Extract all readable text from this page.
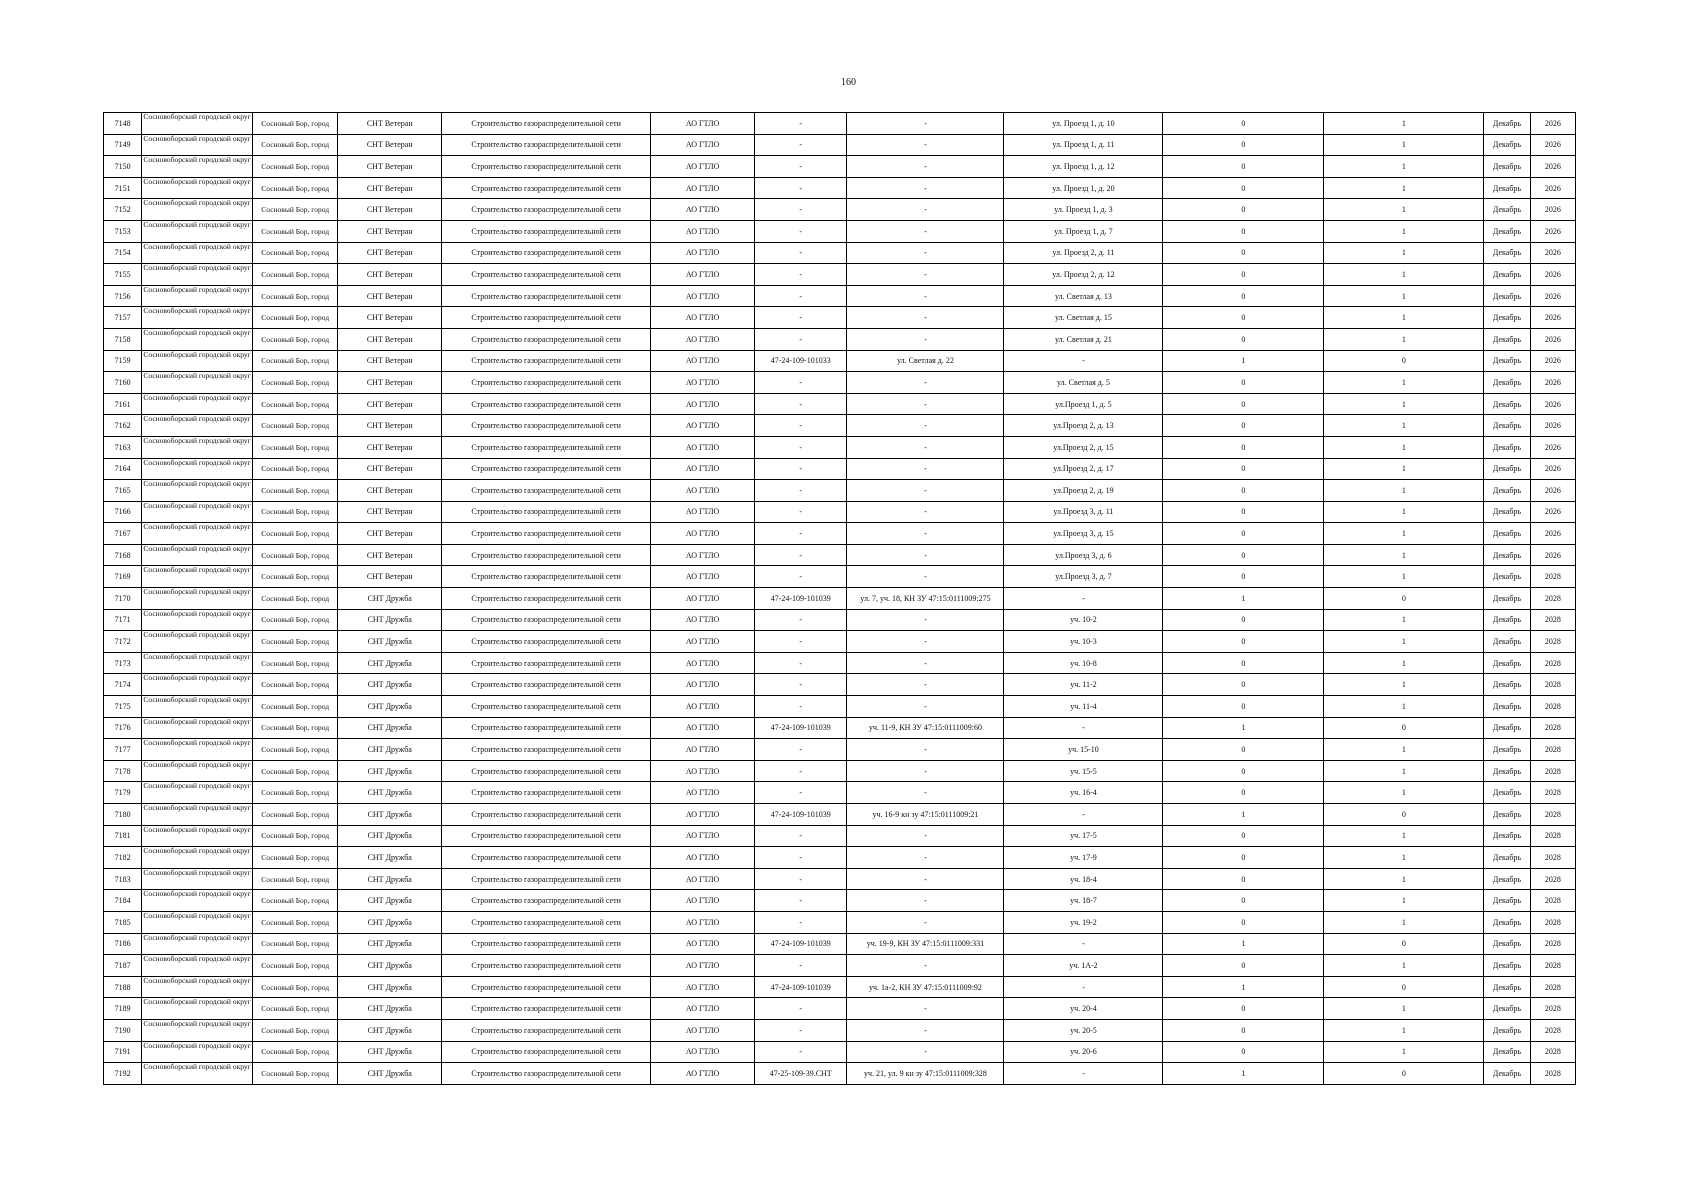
160
7148	Сосновоборский городской округ	Сосновый Бор, город	СНТ Ветеран	Строительство газораспределительной сети	АО ГТЛО	-	-	ул. Проезд 1, д. 10	0	1	Декабрь	2026
7149	Сосновоборский городской округ	Сосновый Бор, город	СНТ Ветеран	Строительство газораспределительной сети	АО ГТЛО	-	-	ул. Проезд 1, д. 11	0	1	Декабрь	2026
7150	Сосновоборский городской округ	Сосновый Бор, город	СНТ Ветеран	Строительство газораспределительной сети	АО ГТЛО	-	-	ул. Проезд 1, д. 12	0	1	Декабрь	2026
7151	Сосновоборский городской округ	Сосновый Бор, город	СНТ Ветеран	Строительство газораспределительной сети	АО ГТЛО	-	-	ул. Проезд 1, д. 20	0	1	Декабрь	2026
7152	Сосновоборский городской округ	Сосновый Бор, город	СНТ Ветеран	Строительство газораспределительной сети	АО ГТЛО	-	-	ул. Проезд 1, д. 3	0	1	Декабрь	2026
7153	Сосновоборский городской округ	Сосновый Бор, город	СНТ Ветеран	Строительство газораспределительной сети	АО ГТЛО	-	-	ул. Проезд 1, д. 7	0	1	Декабрь	2026
7154	Сосновоборский городской округ	Сосновый Бор, город	СНТ Ветеран	Строительство газораспределительной сети	АО ГТЛО	-	-	ул. Проезд 2, д. 11	0	1	Декабрь	2026
7155	Сосновоборский городской округ	Сосновый Бор, город	СНТ Ветеран	Строительство газораспределительной сети	АО ГТЛО	-	-	ул. Проезд 2, д. 12	0	1	Декабрь	2026
7156	Сосновоборский городской округ	Сосновый Бор, город	СНТ Ветеран	Строительство газораспределительной сети	АО ГТЛО	-	-	ул. Светлая д. 13	0	1	Декабрь	2026
7157	Сосновоборский городской округ	Сосновый Бор, город	СНТ Ветеран	Строительство газораспределительной сети	АО ГТЛО	-	-	ул. Светлая д. 15	0	1	Декабрь	2026
7158	Сосновоборский городской округ	Сосновый Бор, город	СНТ Ветеран	Строительство газораспределительной сети	АО ГТЛО	-	-	ул. Светлая д. 21	0	1	Декабрь	2026
7159	Сосновоборский городской округ	Сосновый Бор, город	СНТ Ветеран	Строительство газораспределительной сети	АО ГТЛО	47-24-109-101033	ул. Светлая д. 22	-	1	0	Декабрь	2026
7160	Сосновоборский городской округ	Сосновый Бор, город	СНТ Ветеран	Строительство газораспределительной сети	АО ГТЛО	-	-	ул. Светлая д. 5	0	1	Декабрь	2026
7161	Сосновоборский городской округ	Сосновый Бор, город	СНТ Ветеран	Строительство газораспределительной сети	АО ГТЛО	-	-	ул.Проезд 1, д. 5	0	1	Декабрь	2026
7162	Сосновоборский городской округ	Сосновый Бор, город	СНТ Ветеран	Строительство газораспределительной сети	АО ГТЛО	-	-	ул.Проезд 2, д. 13	0	1	Декабрь	2026
7163	Сосновоборский городской округ	Сосновый Бор, город	СНТ Ветеран	Строительство газораспределительной сети	АО ГТЛО	-	-	ул.Проезд 2, д. 15	0	1	Декабрь	2026
7164	Сосновоборский городской округ	Сосновый Бор, город	СНТ Ветеран	Строительство газораспределительной сети	АО ГТЛО	-	-	ул.Проезд 2, д. 17	0	1	Декабрь	2026
7165	Сосновоборский городской округ	Сосновый Бор, город	СНТ Ветеран	Строительство газораспределительной сети	АО ГТЛО	-	-	ул.Проезд 2, д. 19	0	1	Декабрь	2026
7166	Сосновоборский городской округ	Сосновый Бор, город	СНТ Ветеран	Строительство газораспределительной сети	АО ГТЛО	-	-	ул.Проезд 3, д. 11	0	1	Декабрь	2026
7167	Сосновоборский городской округ	Сосновый Бор, город	СНТ Ветеран	Строительство газораспределительной сети	АО ГТЛО	-	-	ул.Проезд 3, д. 15	0	1	Декабрь	2026
7168	Сосновоборский городской округ	Сосновый Бор, город	СНТ Ветеран	Строительство газораспределительной сети	АО ГТЛО	-	-	ул.Проезд 3, д. 6	0	1	Декабрь	2026
7169	Сосновоборский городской округ	Сосновый Бор, город	СНТ Ветеран	Строительство газораспределительной сети	АО ГТЛО	-	-	ул.Проезд 3, д. 7	0	1	Декабрь	2028
7170	Сосновоборский городской округ	Сосновый Бор, город	СНТ Дружба	Строительство газораспределительной сети	АО ГТЛО	47-24-109-101039	ул. 7, уч. 18, КН ЗУ 47:15:0111009:275	-	1	0	Декабрь	2028
7171	Сосновоборский городской округ	Сосновый Бор, город	СНТ Дружба	Строительство газораспределительной сети	АО ГТЛО	-	-	уч. 10-2	0	1	Декабрь	2028
7172	Сосновоборский городской округ	Сосновый Бор, город	СНТ Дружба	Строительство газораспределительной сети	АО ГТЛО	-	-	уч. 10-3	0	1	Декабрь	2028
7173	Сосновоборский городской округ	Сосновый Бор, город	СНТ Дружба	Строительство газораспределительной сети	АО ГТЛО	-	-	уч. 10-8	0	1	Декабрь	2028
7174	Сосновоборский городской округ	Сосновый Бор, город	СНТ Дружба	Строительство газораспределительной сети	АО ГТЛО	-	-	уч. 11-2	0	1	Декабрь	2028
7175	Сосновоборский городской округ	Сосновый Бор, город	СНТ Дружба	Строительство газораспределительной сети	АО ГТЛО	-	-	уч. 11-4	0	1	Декабрь	2028
7176	Сосновоборский городской округ	Сосновый Бор, город	СНТ Дружба	Строительство газораспределительной сети	АО ГТЛО	47-24-109-101039	уч. 11-9, КН ЗУ 47:15:0111009:60	-	1	0	Декабрь	2028
7177	Сосновоборский городской округ	Сосновый Бор, город	СНТ Дружба	Строительство газораспределительной сети	АО ГТЛО	-	-	уч. 15-10	0	1	Декабрь	2028
7178	Сосновоборский городской округ	Сосновый Бор, город	СНТ Дружба	Строительство газораспределительной сети	АО ГТЛО	-	-	уч. 15-5	0	1	Декабрь	2028
7179	Сосновоборский городской округ	Сосновый Бор, город	СНТ Дружба	Строительство газораспределительной сети	АО ГТЛО	-	-	уч. 16-4	0	1	Декабрь	2028
7180	Сосновоборский городской округ	Сосновый Бор, город	СНТ Дружба	Строительство газораспределительной сети	АО ГТЛО	47-24-109-101039	уч. 16-9 кн зу 47:15:0111009:21	-	1	0	Декабрь	2028
7181	Сосновоборский городской округ	Сосновый Бор, город	СНТ Дружба	Строительство газораспределительной сети	АО ГТЛО	-	-	уч. 17-5	0	1	Декабрь	2028
7182	Сосновоборский городской округ	Сосновый Бор, город	СНТ Дружба	Строительство газораспределительной сети	АО ГТЛО	-	-	уч. 17-9	0	1	Декабрь	2028
7183	Сосновоборский городской округ	Сосновый Бор, город	СНТ Дружба	Строительство газораспределительной сети	АО ГТЛО	-	-	уч. 18-4	0	1	Декабрь	2028
7184	Сосновоборский городской округ	Сосновый Бор, город	СНТ Дружба	Строительство газораспределительной сети	АО ГТЛО	-	-	уч. 18-7	0	1	Декабрь	2028
7185	Сосновоборский городской округ	Сосновый Бор, город	СНТ Дружба	Строительство газораспределительной сети	АО ГТЛО	-	-	уч. 19-2	0	1	Декабрь	2028
7186	Сосновоборский городской округ	Сосновый Бор, город	СНТ Дружба	Строительство газораспределительной сети	АО ГТЛО	47-24-109-101039	уч. 19-9, КН ЗУ 47:15:0111009:331	-	1	0	Декабрь	2028
7187	Сосновоборский городской округ	Сосновый Бор, город	СНТ Дружба	Строительство газораспределительной сети	АО ГТЛО	-	-	уч. 1А-2	0	1	Декабрь	2028
7188	Сосновоборский городской округ	Сосновый Бор, город	СНТ Дружба	Строительство газораспределительной сети	АО ГТЛО	47-24-109-101039	уч. 1а-2, КН ЗУ 47:15:0111009:92	-	1	0	Декабрь	2028
7189	Сосновоборский городской округ	Сосновый Бор, город	СНТ Дружба	Строительство газораспределительной сети	АО ГТЛО	-	-	уч. 20-4	0	1	Декабрь	2028
7190	Сосновоборский городской округ	Сосновый Бор, город	СНТ Дружба	Строительство газораспределительной сети	АО ГТЛО	-	-	уч. 20-5	0	1	Декабрь	2028
7191	Сосновоборский городской округ	Сосновый Бор, город	СНТ Дружба	Строительство газораспределительной сети	АО ГТЛО	-	-	уч. 20-6	0	1	Декабрь	2028
7192	Сосновоборский городской округ	Сосновый Бор, город	СНТ Дружба	Строительство газораспределительной сети	АО ГТЛО	47-25-109-39.СНТ	уч. 21, ул. 9 кн зу 47:15:0111009:328	-	1	0	Декабрь	2028
